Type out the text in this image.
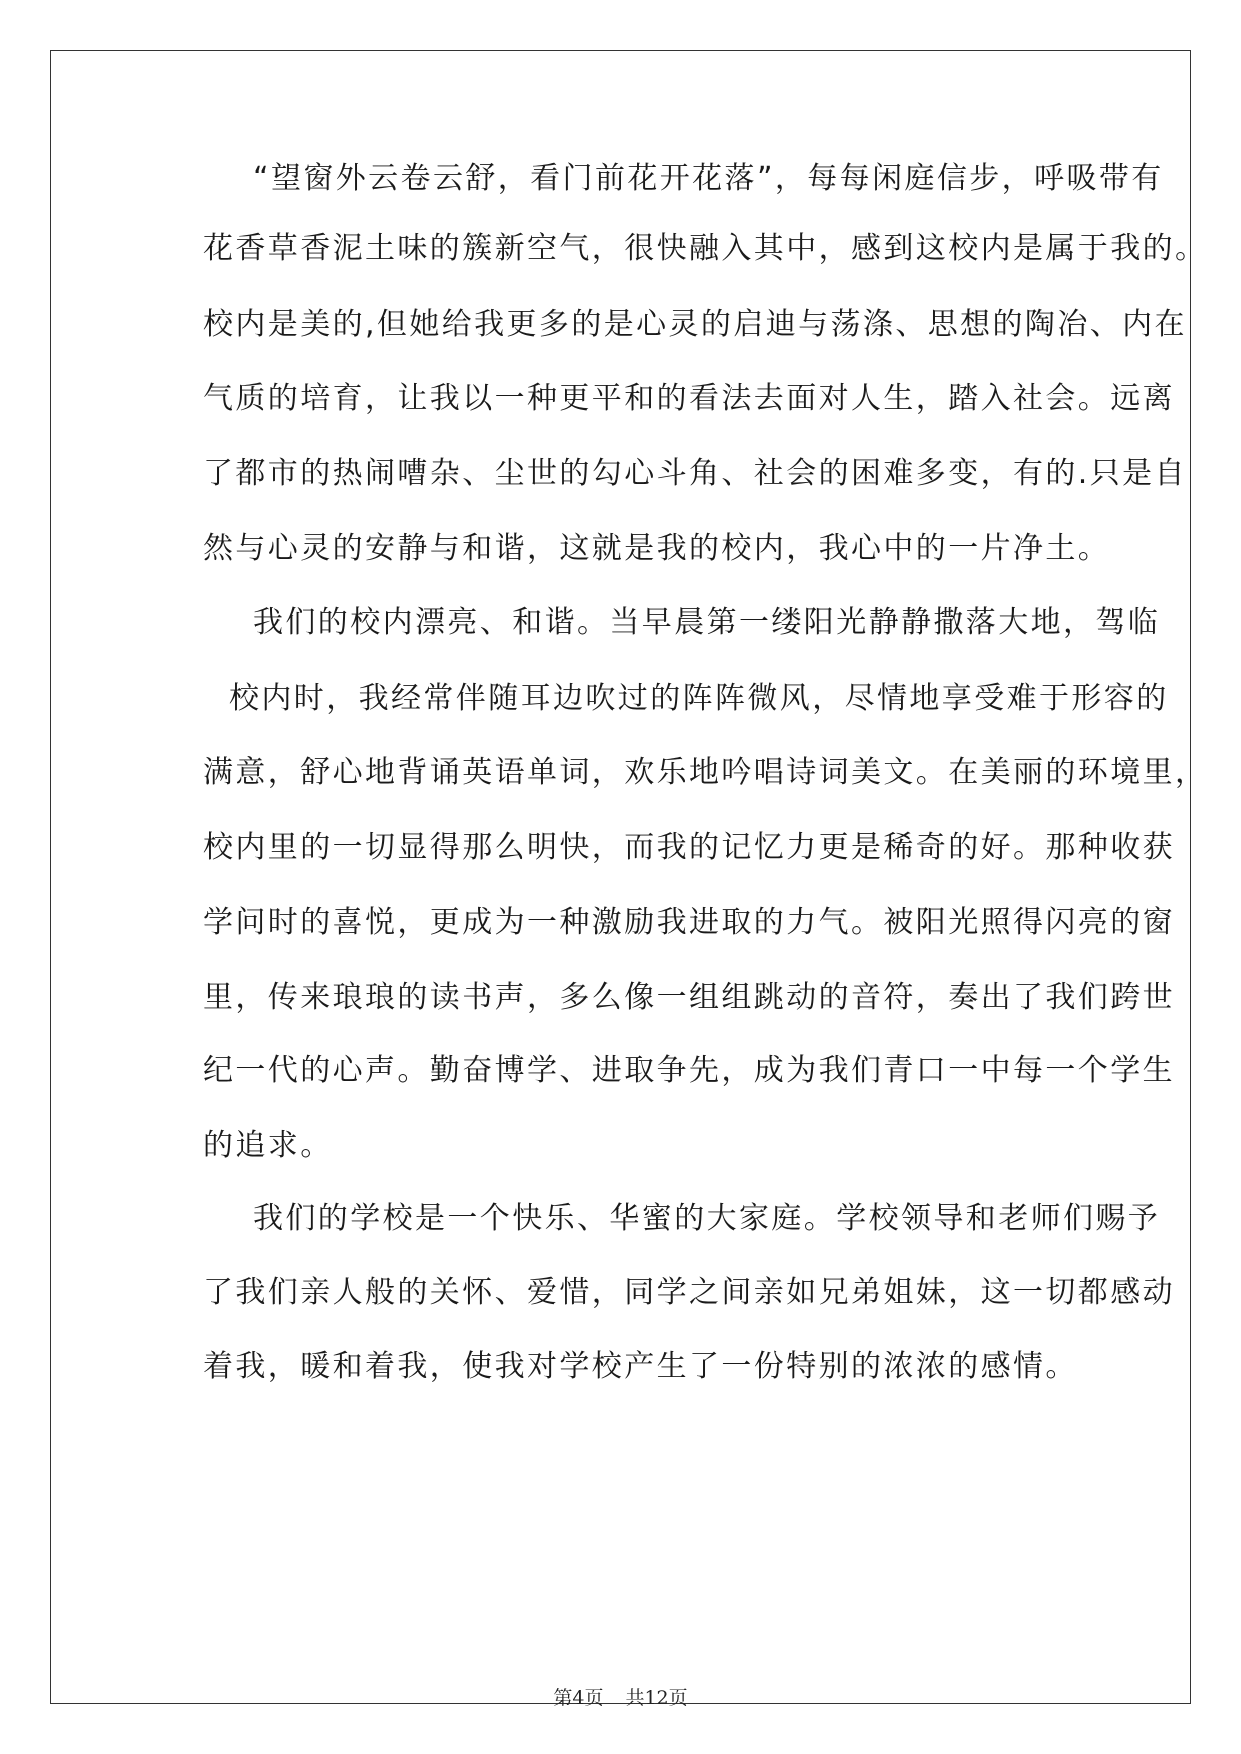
“望窗外云卷云舒，看门前花开花落”，每每闲庭信步，呼吸带有
花香草香泥土味的簇新空气，很快融入其中，感到这校内是属于我的。
校内是美的,但她给我更多的是心灵的启迪与荡涤、思想的陶冶、内在
气质的培育，让我以一种更平和的看法去面对人生，踏入社会。远离
了都市的热闹嘈杂、尘世的勾心斗角、社会的困难多变，有的.只是自
然与心灵的安静与和谐，这就是我的校内，我心中的一片净土。
我们的校内漂亮、和谐。当早晨第一缕阳光静静撒落大地，驾临
校内时，我经常伴随耳边吹过的阵阵微风，尽情地享受难于形容的
满意，舒心地背诵英语单词，欢乐地吟唱诗词美文。在美丽的环境里，
校内里的一切显得那么明快，而我的记忆力更是稀奇的好。那种收获
学问时的喜悦，更成为一种激励我进取的力气。被阳光照得闪亮的窗
里，传来琅琅的读书声，多么像一组组跳动的音符，奏出了我们跨世
纪一代的心声。勤奋博学、进取争先，成为我们青口一中每一个学生
的追求。
我们的学校是一个快乐、华蜜的大家庭。学校领导和老师们赐予
了我们亲人般的关怀、爱惜，同学之间亲如兄弟姐妹，这一切都感动
着我，暖和着我，使我对学校产生了一份特别的浓浓的感情。
第4页 共12页
